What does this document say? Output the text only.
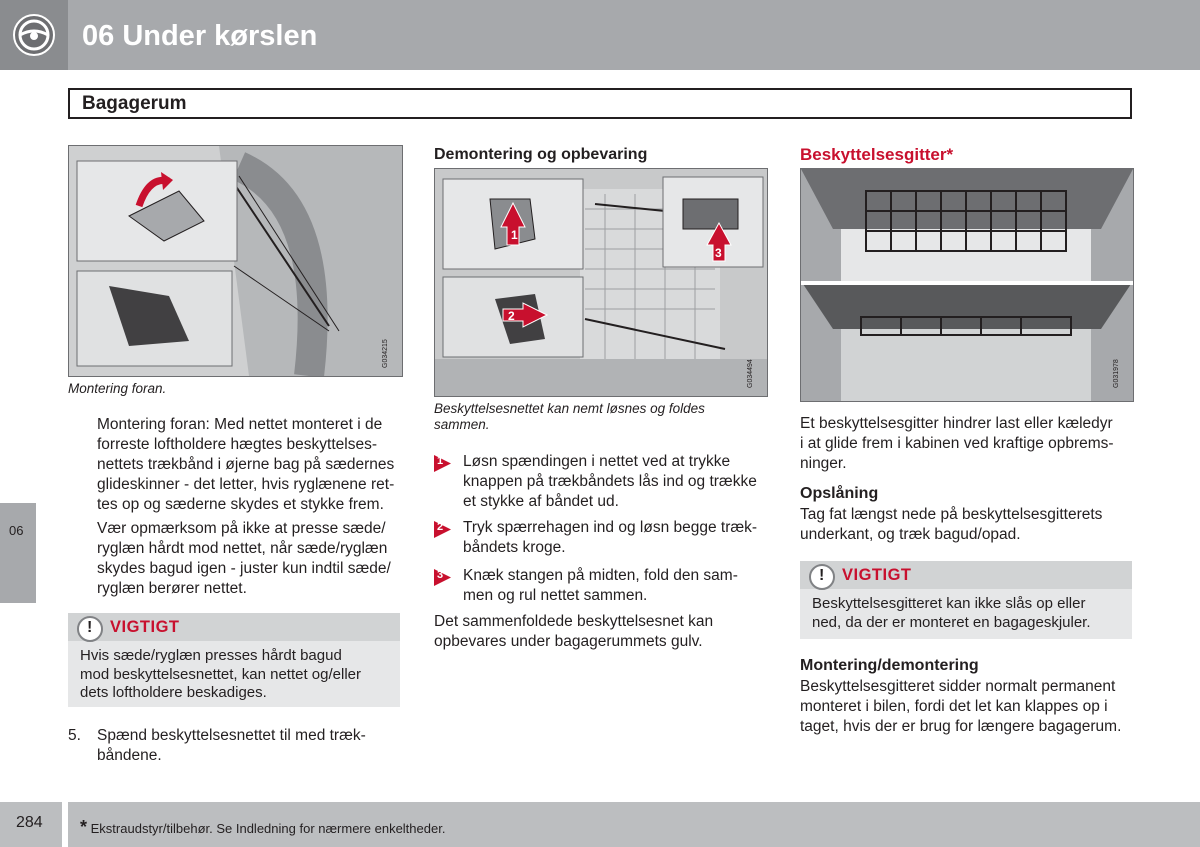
06 Under kørslen
Bagagerum
06
G034215
Montering foran.
Montering foran: Med nettet monteret i de
forreste loftholdere hægtes beskyttelses-
nettets trækbånd i øjerne bag på sædernes
glideskinner - det letter, hvis ryglænene ret-
tes op og sæderne skydes et stykke frem.
Vær opmærksom på ikke at presse sæde/
ryglæn hårdt mod nettet, når sæde/ryglæn
skydes bagud igen - juster kun indtil sæde/
ryglæn berører nettet.
! VIGTIGT
Hvis sæde/ryglæn presses hårdt bagud
mod beskyttelsesnettet, kan nettet og/eller
dets loftholdere beskadiges.
5. Spænd beskyttelsesnettet til med træk-
båndene.
Demontering og opbevaring
1
2
3
G034494
Beskyttelsesnettet kan nemt løsnes og foldes
sammen.
1 Løsn spændingen i nettet ved at trykke
knappen på trækbåndets lås ind og trække
et stykke af båndet ud.
2 Tryk spærrehagen ind og løsn begge træk-
båndets kroge.
3 Knæk stangen på midten, fold den sam-
men og rul nettet sammen.
Det sammenfoldede beskyttelsesnet kan
opbevares under bagagerummets gulv.
Beskyttelsesgitter*
G031978
Et beskyttelsesgitter hindrer last eller kæledyr
i at glide frem i kabinen ved kraftige opbrems-
ninger.
Opslåning
Tag fat længst nede på beskyttelsesgitterets
underkant, og træk bagud/opad.
! VIGTIGT
Beskyttelsesgitteret kan ikke slås op eller
ned, da der er monteret en bagageskjuler.
Montering/demontering
Beskyttelsesgitteret sidder normalt permanent
monteret i bilen, fordi det let kan klappes op i
taget, hvis der er brug for længere bagagerum.
284 * Ekstraudstyr/tilbehør. Se Indledning for nærmere enkeltheder.
